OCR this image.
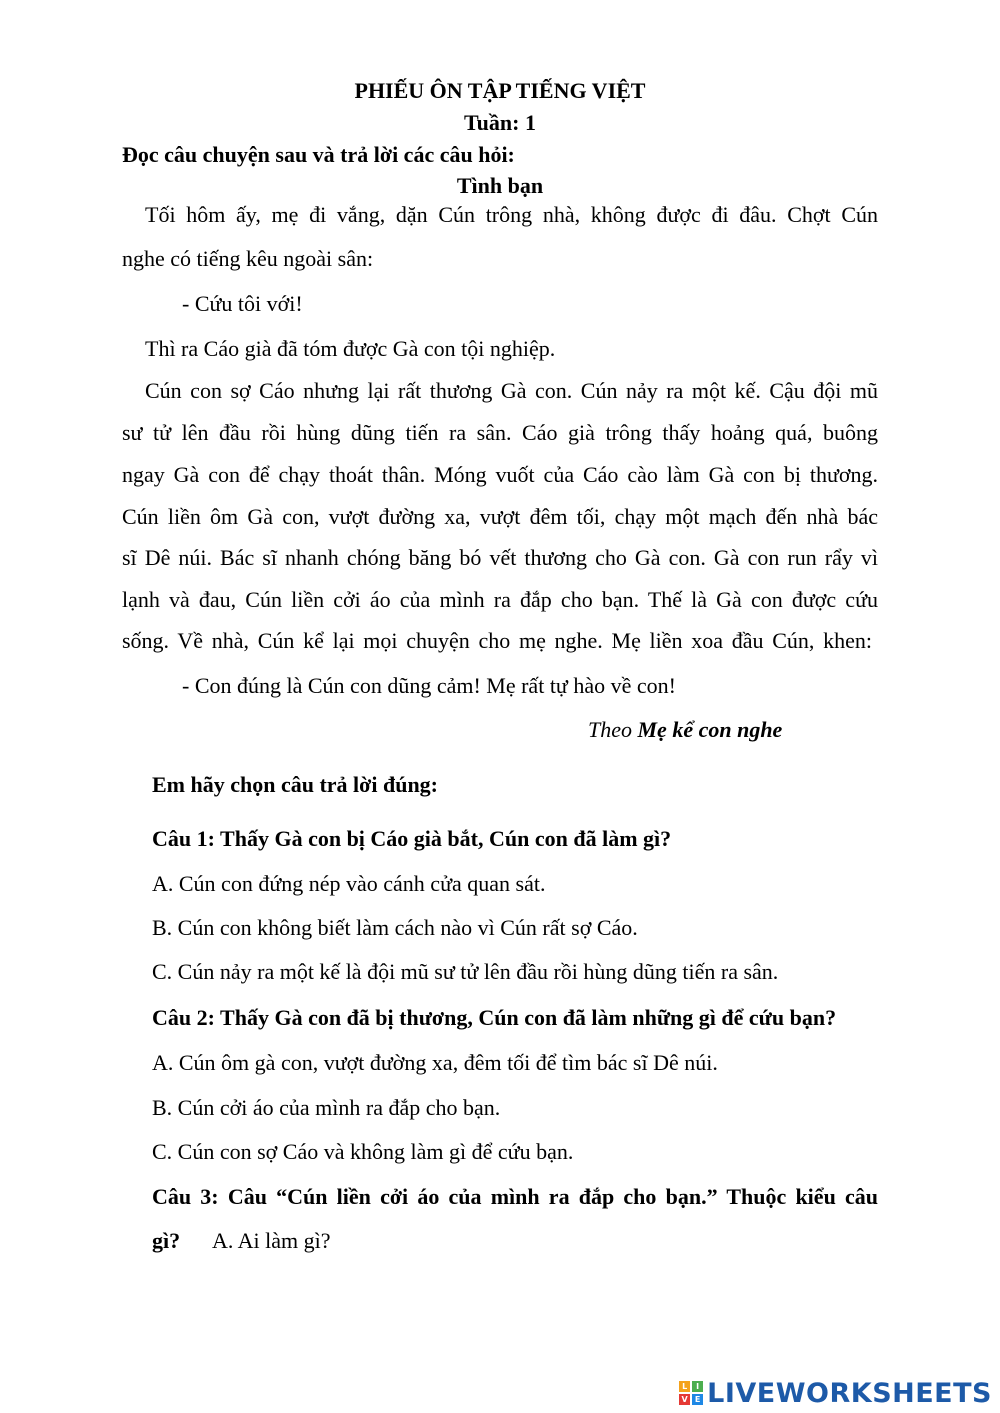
PHIẾU ÔN TẬP TIẾNG VIỆT
Tuần: 1
Đọc câu chuyện sau và trả lời các câu hỏi:
Tình bạn
Tối hôm ấy, mẹ đi vắng, dặn Cún trông nhà, không được đi đâu. Chợt Cún
nghe có tiếng kêu ngoài sân:
- Cứu tôi với!
Thì ra Cáo già đã tóm được Gà con tội nghiệp.
Cún con sợ Cáo nhưng lại rất thương Gà con. Cún nảy ra một kế. Cậu đội mũ
sư tử lên đầu rồi hùng dũng tiến ra sân. Cáo già trông thấy hoảng quá, buông
ngay Gà con để chạy thoát thân. Móng vuốt của Cáo cào làm Gà con bị thương.
Cún liền ôm Gà con, vượt đường xa, vượt đêm tối, chạy một mạch đến nhà bác
sĩ Dê núi. Bác sĩ nhanh chóng băng bó vết thương cho Gà con. Gà con run rẩy vì
lạnh và đau, Cún liền cởi áo của mình ra đắp cho bạn. Thế là Gà con được cứu
sống. Về nhà, Cún kể lại mọi chuyện cho mẹ nghe. Mẹ liền xoa đầu Cún, khen:
- Con đúng là Cún con dũng cảm! Mẹ rất tự hào về con!
Theo Mẹ kể con nghe
Em hãy chọn câu trả lời đúng:
Câu 1: Thấy Gà con bị Cáo già bắt, Cún con đã làm gì?
A. Cún con đứng nép vào cánh cửa quan sát.
B. Cún con không biết làm cách nào vì Cún rất sợ Cáo.
C. Cún nảy ra một kế là đội mũ sư tử lên đầu rồi hùng dũng tiến ra sân.
Câu 2: Thấy Gà con đã bị thương, Cún con đã làm những gì để cứu bạn?
A. Cún ôm gà con, vượt đường xa, đêm tối để tìm bác sĩ Dê núi.
B. Cún cởi áo của mình ra đắp cho bạn.
C. Cún con sợ Cáo và không làm gì để cứu bạn.
Câu 3: Câu “Cún liền cởi áo của mình ra đắp cho bạn.” Thuộc kiểu câu
gì? A. Ai làm gì?
L	I
V E LIVEWORKSHEETS
